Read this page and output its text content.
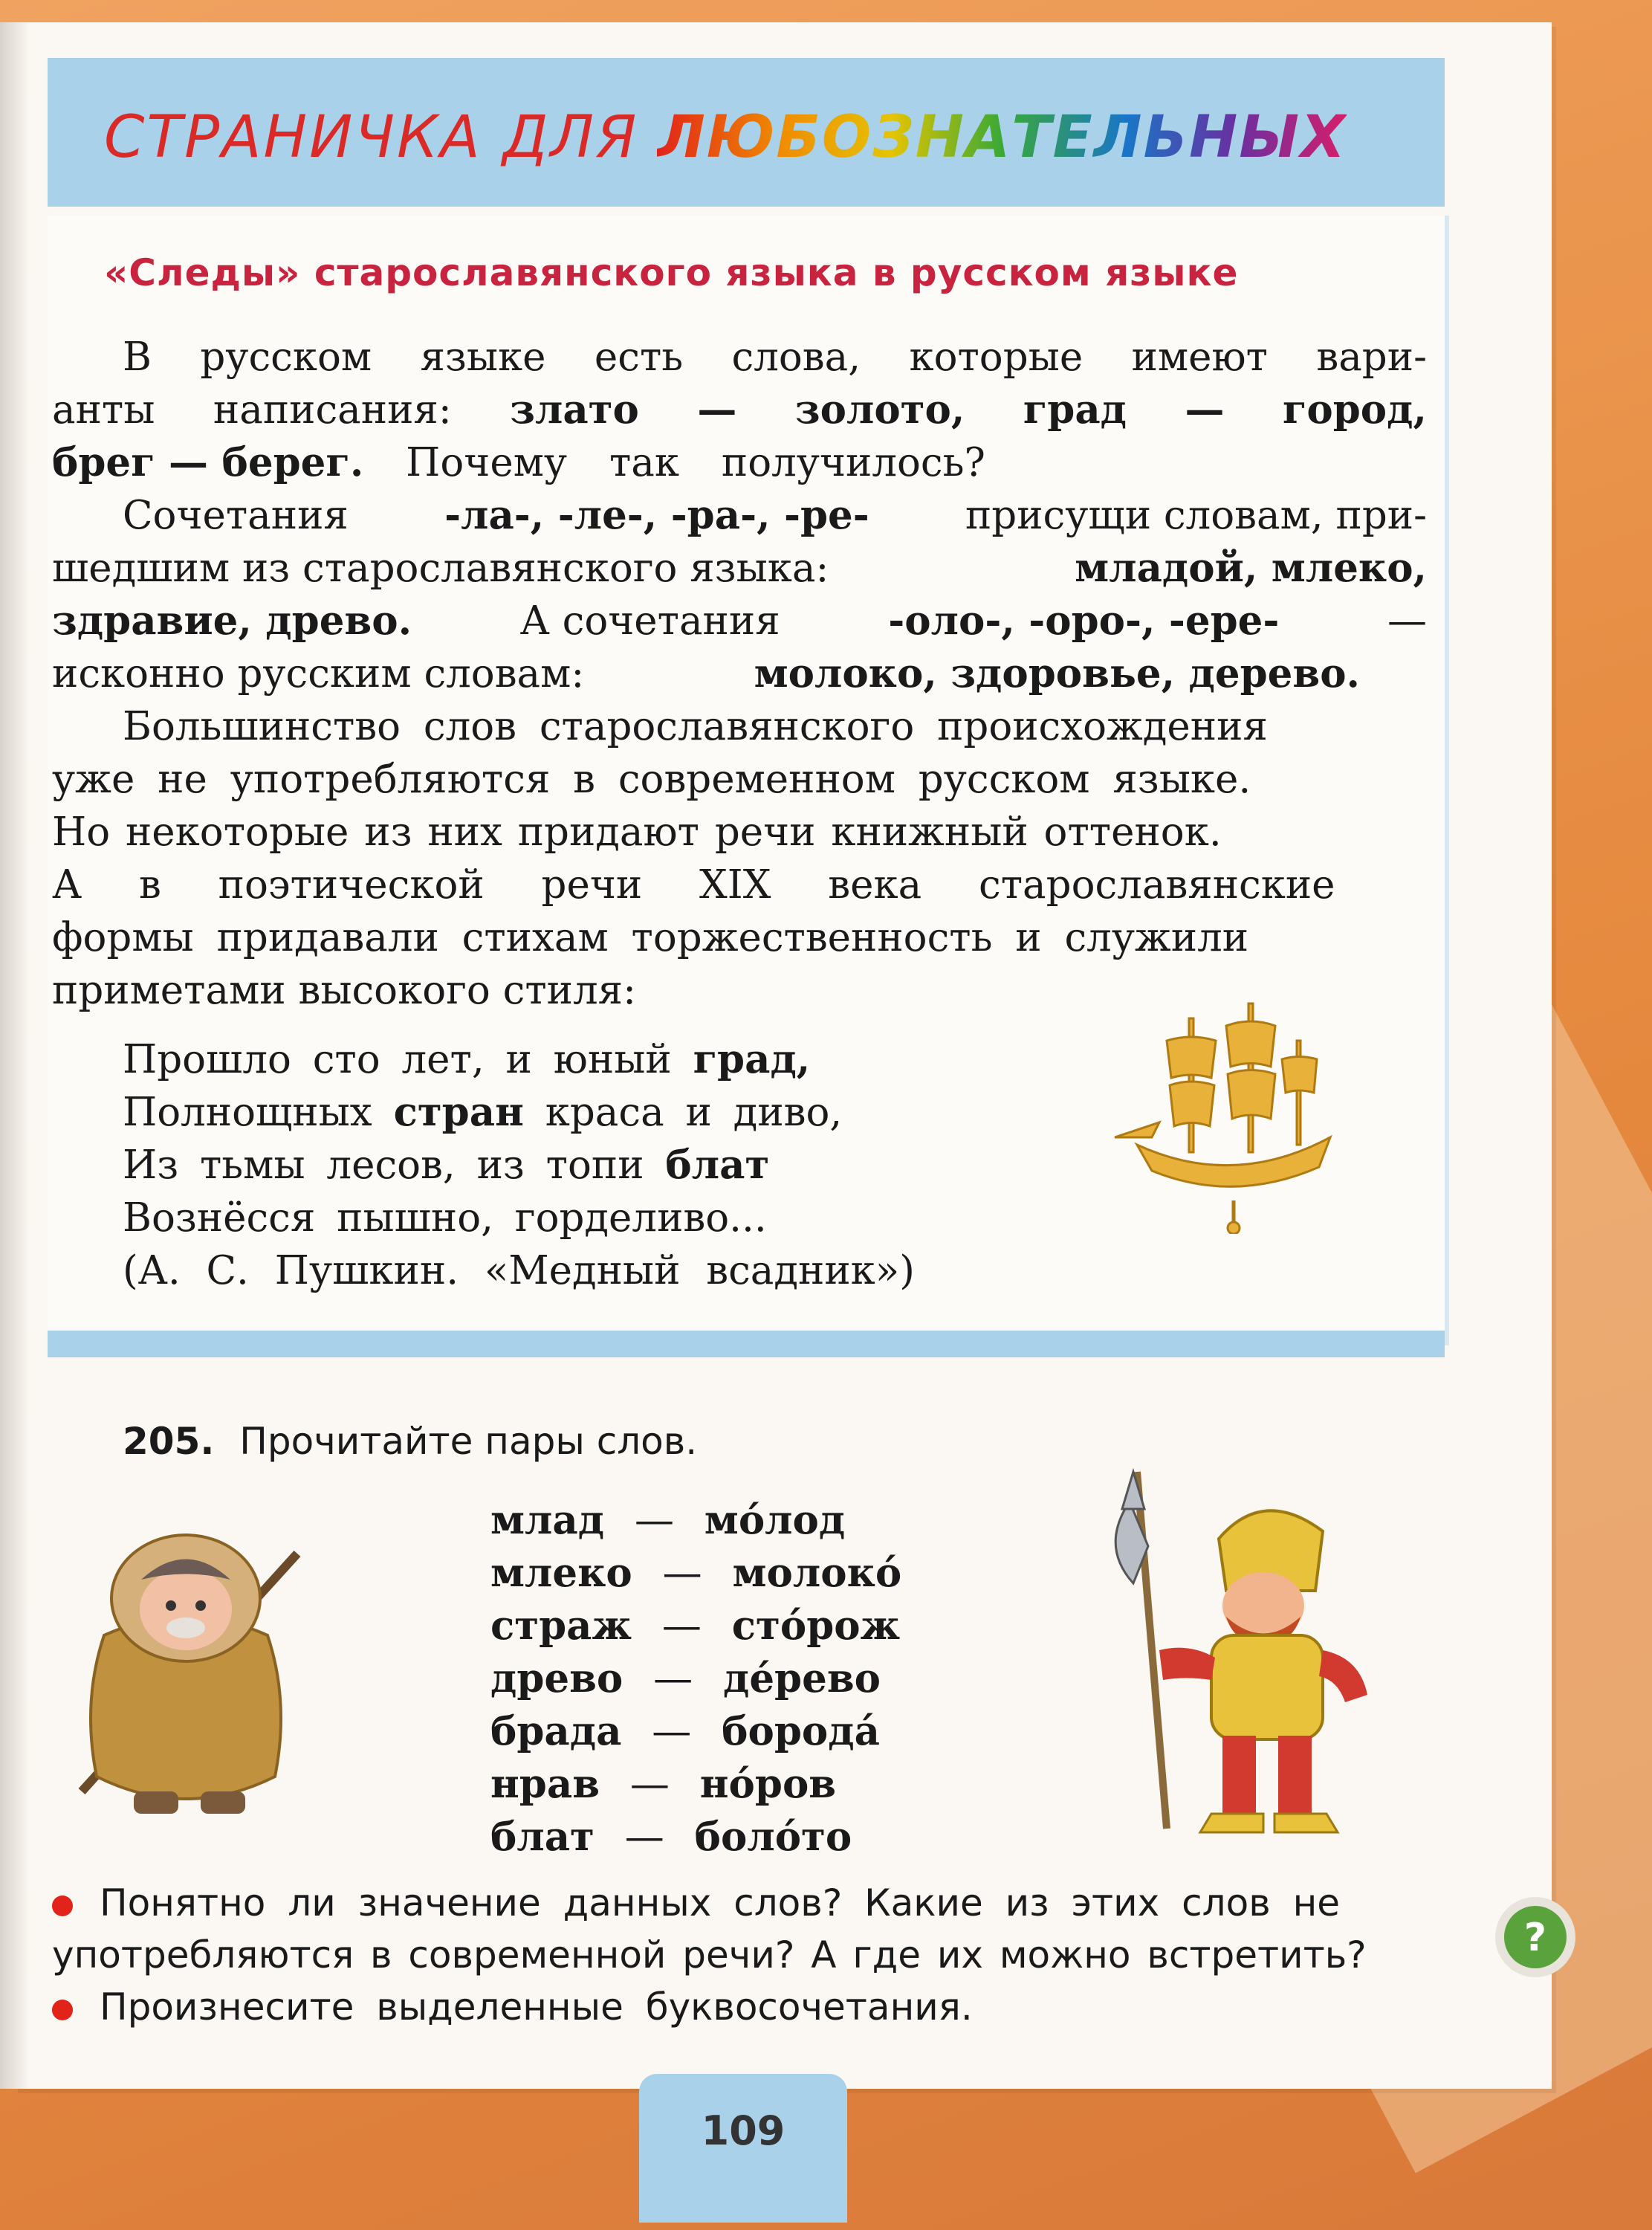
СТРАНИЧКА ДЛЯ ЛЮБОЗНАТЕЛЬНЫХ
«Следы» старославянского языка в русском языке
В русском языке есть слова, которые имеют вари-
анты написания: злато — золото, град — город,
брег — берег. Почему так получилось?
Сочетания -ла-, -ле-, -ра-, -ре- присущи словам, при-
шедшим из старославянского языка:	младой, млеко,
здравие, древо.	А сочетания	-оло-, -оро-, -ере-	—
исконно русским словам:	молоко, здоровье, дерево.
Большинство слов старославянского происхождения
уже не употребляются в современном русском языке.
Но некоторые из них придают речи книжный оттенок.
А в поэтической речи XIX века старославянские
формы придавали стихам торжественность и служили
приметами высокого стиля:
Прошло сто лет, и юный град,
Полнощных стран краса и диво,
Из тьмы лесов, из топи блат
Вознёсся пышно, горделиво...
(А. С. Пушкин. «Медный всадник»)
205. Прочитайте пары слов.
млад — мóлод
млеко — молокó
страж — стóрож
древо — дéрево
брада — бородá
нрав — нóров
блат — болóто
Понятно ли значение данных слов? Какие из этих слов не
употребляются в современной речи? А где их можно встретить?
Произнесите выделенные буквосочетания.
?
109
